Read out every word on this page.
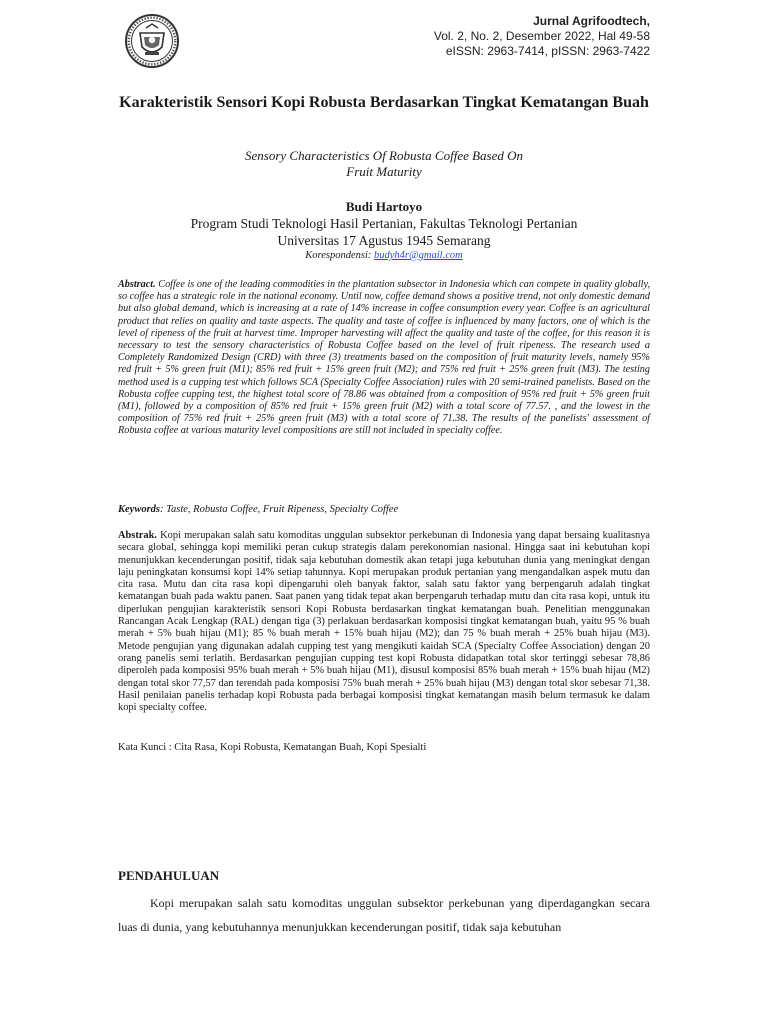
Jurnal Agrifoodtech,
Vol. 2, No. 2, Desember 2022, Hal 49-58
eISSN: 2963-7414, pISSN: 2963-7422
Karakteristik Sensori Kopi Robusta Berdasarkan Tingkat Kematangan Buah
Sensory Characteristics Of Robusta Coffee Based On
Fruit Maturity
Budi Hartoyo
Program Studi Teknologi Hasil Pertanian, Fakultas Teknologi Pertanian
Universitas 17 Agustus 1945 Semarang
Korespondensi: budyh4r@gmail.com
Abstract. Coffee is one of the leading commodities in the plantation subsector in Indonesia which can compete in quality globally, so coffee has a strategic role in the national economy. Until now, coffee demand shows a positive trend, not only domestic demand but also global demand, which is increasing at a rate of 14% increase in coffee consumption every year. Coffee is an agricultural product that relies on quality and taste aspects. The quality and taste of coffee is influenced by many factors, one of which is the level of ripeness of the fruit at harvest time. Improper harvesting will affect the quality and taste of the coffee, for this reason it is necessary to test the sensory characteristics of Robusta Coffee based on the level of fruit ripeness. The research used a Completely Randomized Design (CRD) with three (3) treatments based on the composition of fruit maturity levels, namely 95% red fruit + 5% green fruit (M1); 85% red fruit + 15% green fruit (M2); and 75% red fruit + 25% green fruit (M3). The testing method used is a cupping test which follows SCA (Specialty Coffee Association) rules with 20 semi-trained panelists. Based on the Robusta coffee cupping test, the highest total score of 78.86 was obtained from a composition of 95% red fruit + 5% green fruit (M1), followed by a composition of 85% red fruit + 15% green fruit (M2) with a total score of 77.57. , and the lowest in the composition of 75% red fruit + 25% green fruit (M3) with a total score of 71.38. The results of the panelists' assessment of Robusta coffee at various maturity level compositions are still not included in specialty coffee.
Keywords: Taste, Robusta Coffee, Fruit Ripeness, Specialty Coffee
Abstrak. Kopi merupakan salah satu komoditas unggulan subsektor perkebunan di Indonesia yang dapat bersaing kualitasnya secara global, sehingga kopi memiliki peran cukup strategis dalam perekonomian nasional. Hingga saat ini kebutuhan kopi menunjukkan kecenderungan positif, tidak saja kebutuhan domestik akan tetapi juga kebutuhan dunia yang meningkat dengan laju peningkatan konsumsi kopi 14% setiap tahunnya. Kopi merupakan produk pertanian yang mengandalkan aspek mutu dan cita rasa. Mutu dan cita rasa kopi dipengaruhi oleh banyak faktor, salah satu faktor yang berpengaruh adalah tingkat kematangan buah pada waktu panen. Saat panen yang tidak tepat akan berpengaruh terhadap mutu dan cita rasa kopi, untuk itu diperlukan pengujian karakteristik sensori Kopi Robusta berdasarkan tingkat kematangan buah. Penelitian menggunakan Rancangan Acak Lengkap (RAL) dengan tiga (3) perlakuan berdasarkan komposisi tingkat kematangan buah, yaitu 95 % buah merah + 5% buah hijau (M1); 85 % buah merah + 15% buah hijau (M2); dan 75 % buah merah + 25% buah hijau (M3). Metode pengujian yang digunakan adalah cupping test yang mengikuti kaidah SCA (Specialty Coffee Association) dengan 20 orang panelis semi terlatih. Berdasarkan pengujian cupping test kopi Robusta didapatkan total skor tertinggi sebesar 78,86 diperoleh pada komposisi 95% buah merah + 5% buah hijau (M1), disusul komposisi 85% buah merah + 15% buah hijau (M2) dengan total skor 77,57 dan terendah pada komposisi 75% buah merah + 25% buah hijau (M3) dengan total skor sebesar 71,38. Hasil penilaian panelis terhadap kopi Robusta pada berbagai komposisi tingkat kematangan masih belum termasuk ke dalam kopi specialty coffee.
Kata Kunci : Cita Rasa, Kopi Robusta, Kematangan Buah, Kopi Spesialti
PENDAHULUAN
Kopi merupakan salah satu komoditas unggulan subsektor perkebunan yang diperdagangkan secara luas di dunia, yang kebutuhannya menunjukkan kecenderungan positif, tidak saja kebutuhan
